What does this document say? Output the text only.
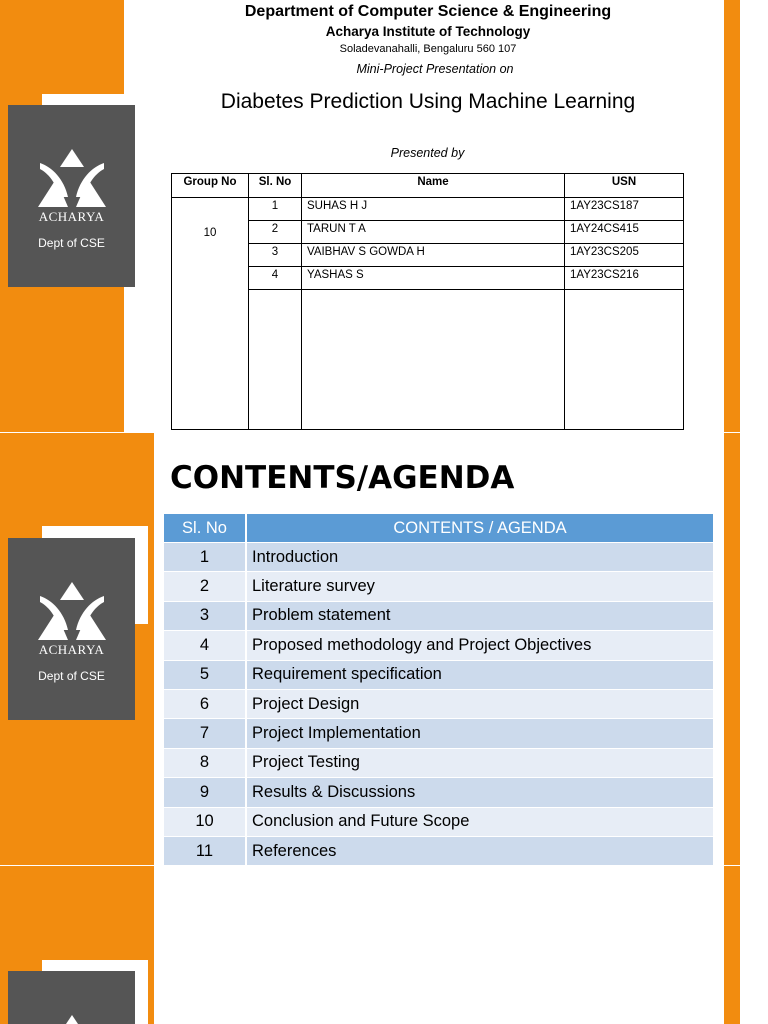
ACHARYA
Dept of CSE
Department of Computer Science & Engineering
Acharya Institute of Technology
Soladevanahalli, Bengaluru 560 107
Mini-Project Presentation on
Diabetes Prediction Using Machine Learning
Presented by
Group No	Sl. No	Name	USN
10	1	SUHAS H J	1AY23CS187
	2	TARUN T A	1AY24CS415
	3	VAIBHAV S GOWDA H	1AY23CS205
	4	YASHAS S	1AY23CS216

ACHARYA
Dept of CSE
CONTENTS/AGENDA
Sl. No	CONTENTS / AGENDA
1	Introduction
2	Literature survey
3	Problem statement
4	Proposed methodology and Project Objectives
5	Requirement specification
6	Project Design
7	Project Implementation
8	Project Testing
9	Results & Discussions
10	Conclusion and Future Scope
11	References
